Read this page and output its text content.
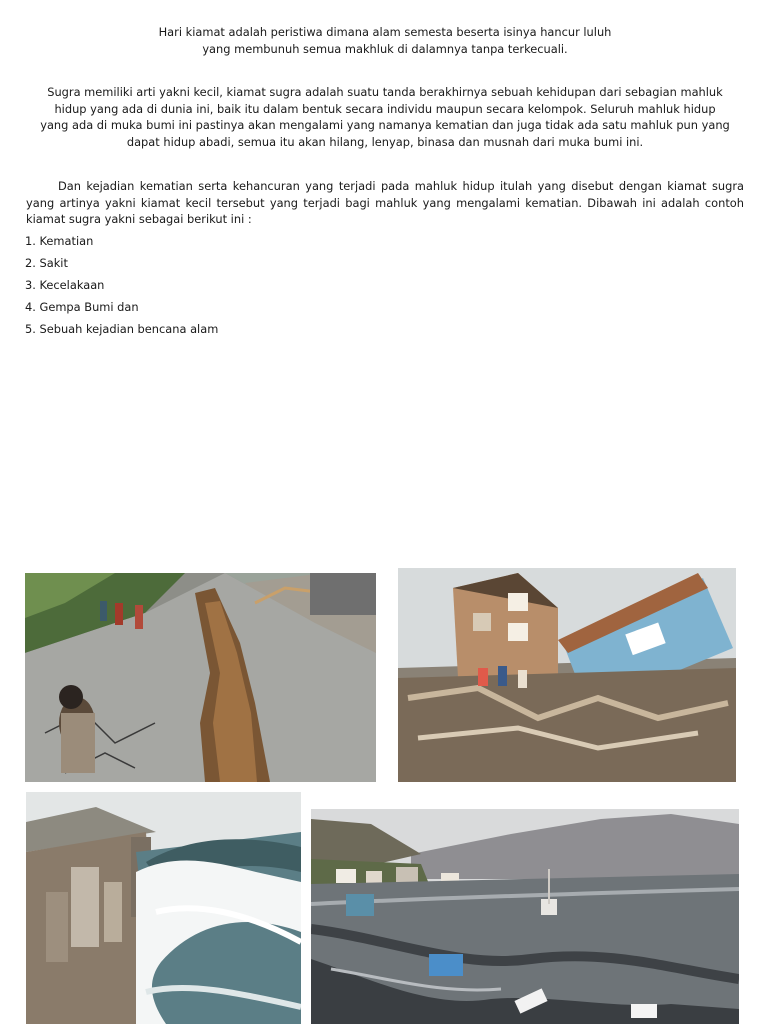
Hari kiamat adalah peristiwa dimana alam semesta beserta isinya hancur luluh yang membunuh semua makhluk di dalamnya tanpa terkecuali.

Sugra memiliki arti yakni kecil, kiamat sugra adalah suatu tanda berakhirnya sebuah kehidupan dari sebagian mahluk hidup yang ada di dunia ini, baik itu dalam bentuk secara individu maupun secara kelompok. Seluruh mahluk hidup yang ada di muka bumi ini pastinya akan mengalami yang namanya kematian dan juga tidak ada satu mahluk pun yang dapat hidup abadi, semua itu akan hilang, lenyap, binasa dan musnah dari muka bumi ini.

Dan kejadian kematian serta kehancuran yang terjadi pada mahluk hidup itulah yang disebut dengan kiamat sugra yang artinya yakni kiamat kecil tersebut yang terjadi bagi mahluk yang mengalami kematian. Dibawah ini adalah contoh kiamat sugra yakni sebagai berikut ini :

1. Kematian
2. Sakit
3. Kecelakaan
4. Gempa Bumi dan
5. Sebuah kejadian bencana alam
